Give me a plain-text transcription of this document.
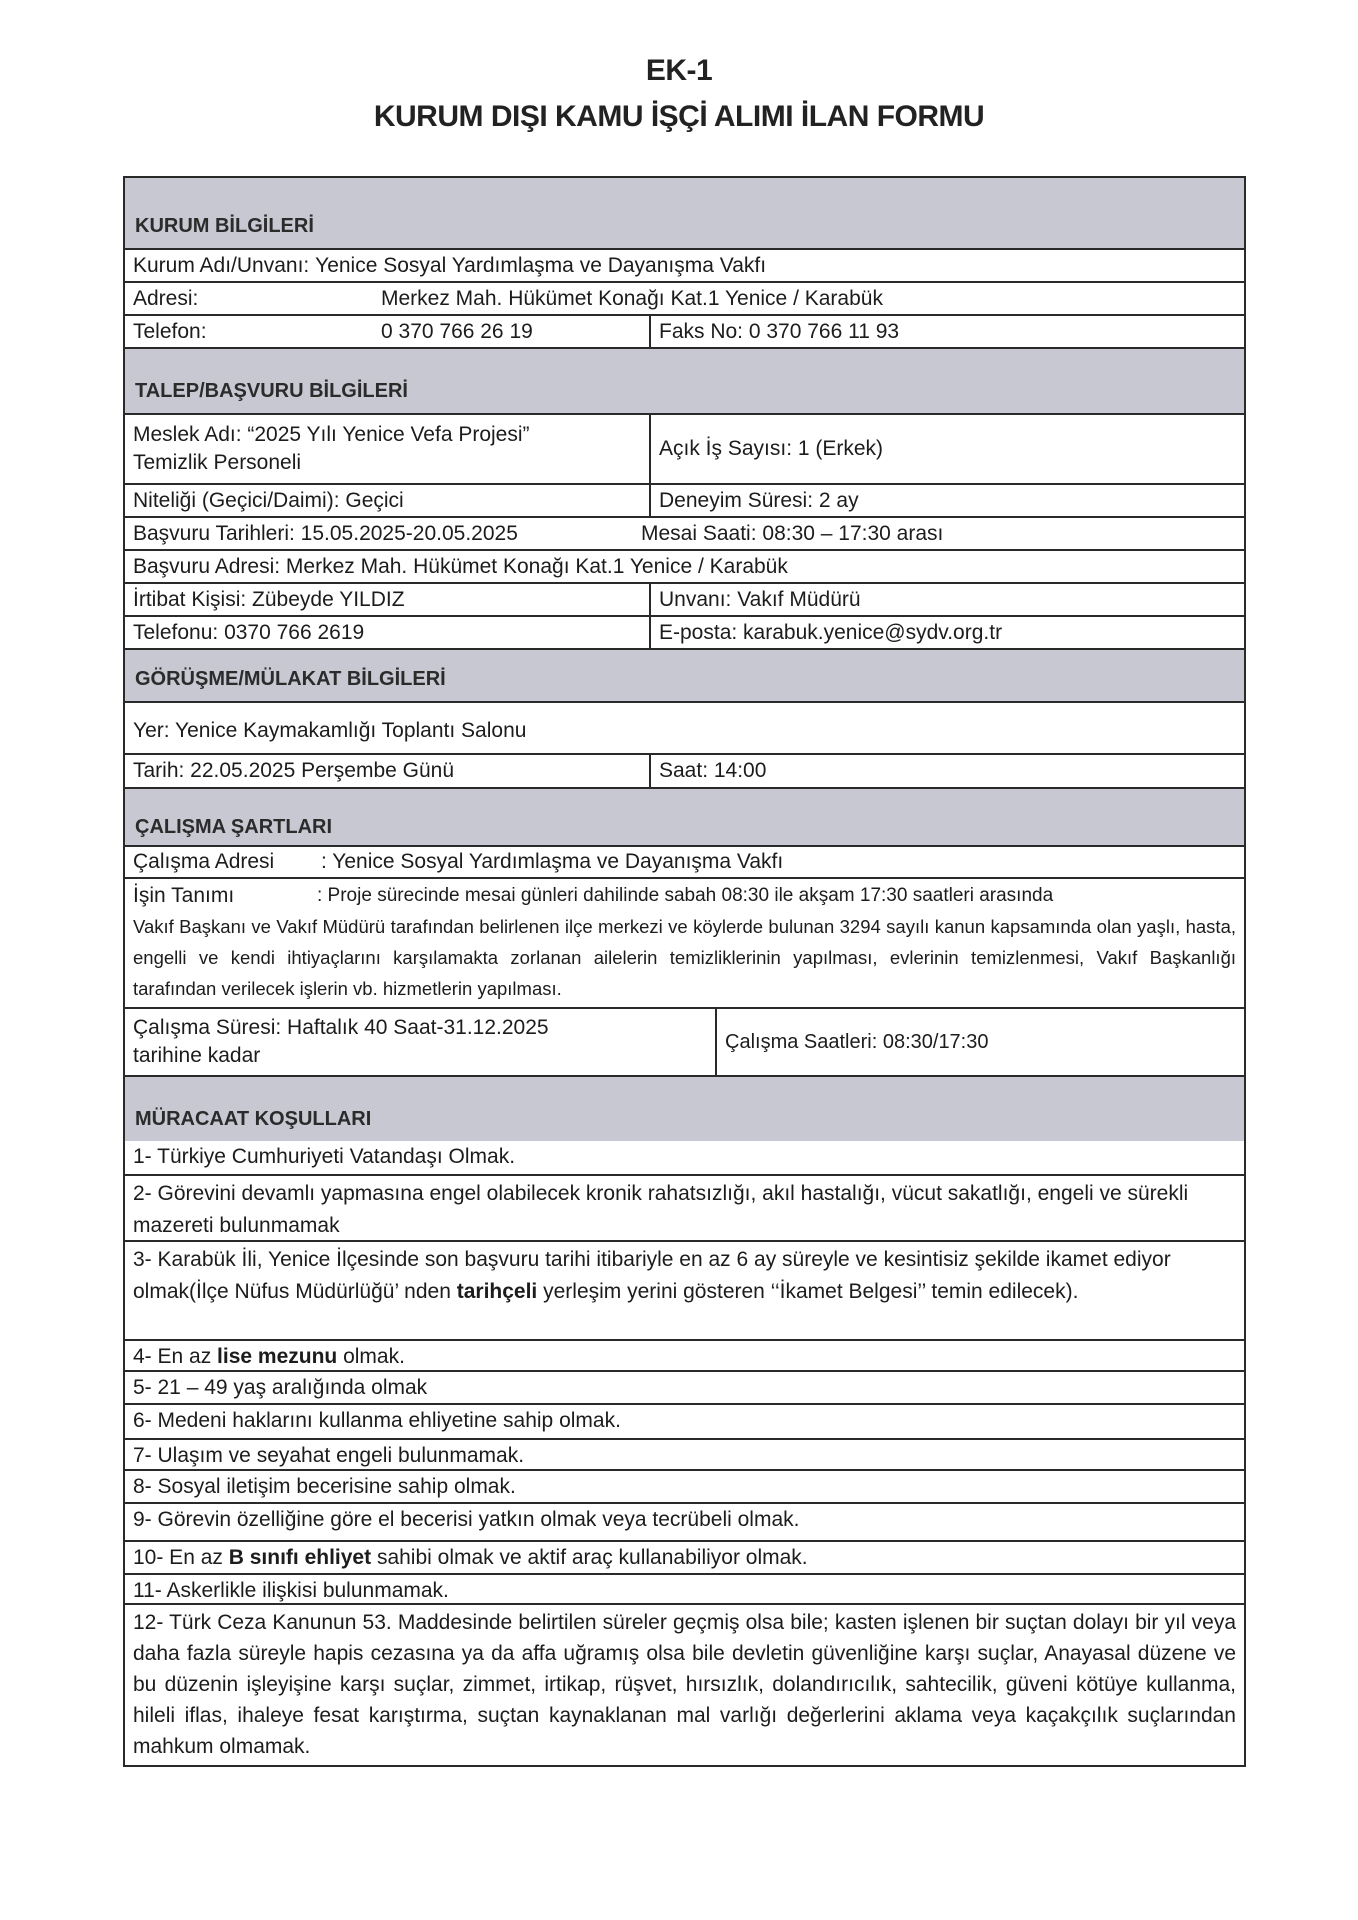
EK-1
KURUM DIŞI KAMU İŞÇİ ALIMI İLAN FORMU
KURUM BİLGİLERİ
Kurum Adı/Unvanı:
Yenice Sosyal Yardımlaşma ve Dayanışma Vakfı
Adresi:	Merkez Mah. Hükümet Konağı Kat.1 Yenice / Karabük
Telefon:	0 370 766 26 19	Faks No: 0 370 766 11 93
TALEP/BAŞVURU BİLGİLERİ
Meslek Adı: “2025 Yılı Yenice Vefa Projesi”
Temizlik Personeli
Açık İş Sayısı: 1 (Erkek)
Niteliği (Geçici/Daimi): Geçici	Deneyim Süresi: 2 ay
Başvuru Tarihleri: 15.05.2025-20.05.2025	Mesai Saati: 08:30 – 17:30 arası
Başvuru Adresi: Merkez Mah. Hükümet Konağı Kat.1 Yenice / Karabük
İrtibat Kişisi: Zübeyde YILDIZ	Unvanı: Vakıf Müdürü
Telefonu: 0370 766 2619	E-posta: karabuk.yenice@sydv.org.tr
GÖRÜŞME/MÜLAKAT BİLGİLERİ
Yer: Yenice Kaymakamlığı Toplantı Salonu
Tarih: 22.05.2025 Perşembe Günü	Saat: 14:00
ÇALIŞMA ŞARTLARI
Çalışma Adresi	: Yenice Sosyal Yardımlaşma ve Dayanışma Vakfı
İşin Tanımı	: Proje sürecinde mesai günleri dahilinde sabah 08:30 ile akşam 17:30 saatleri arasında
Vakıf Başkanı ve Vakıf Müdürü tarafından belirlenen ilçe merkezi ve köylerde bulunan 3294 sayılı kanun kapsamında olan yaşlı, hasta, engelli ve kendi ihtiyaçlarını karşılamakta zorlanan ailelerin temizliklerinin yapılması, evlerinin temizlenmesi, Vakıf Başkanlığı tarafından verilecek işlerin vb. hizmetlerin yapılması.
Çalışma Süresi: Haftalık 40 Saat-31.12.2025
tarihine kadar
Çalışma Saatleri: 08:30/17:30
MÜRACAAT KOŞULLARI
1- Türkiye Cumhuriyeti Vatandaşı Olmak.
2- Görevini devamlı yapmasına engel olabilecek kronik rahatsızlığı, akıl hastalığı, vücut sakatlığı, engeli ve sürekli mazereti bulunmamak
3- Karabük İli, Yenice İlçesinde son başvuru tarihi itibariyle en az 6 ay süreyle ve kesintisiz şekilde ikamet ediyor olmak(İlçe Nüfus Müdürlüğü’ nden tarihçeli yerleşim yerini gösteren ‘‘İkamet Belgesi’’ temin edilecek).
4- En az lise mezunu olmak.
5- 21 – 49 yaş aralığında olmak
6- Medeni haklarını kullanma ehliyetine sahip olmak.
7- Ulaşım ve seyahat engeli bulunmamak.
8- Sosyal iletişim becerisine sahip olmak.
9- Görevin özelliğine göre el becerisi yatkın olmak veya tecrübeli olmak.
10- En az B sınıfı ehliyet sahibi olmak ve aktif araç kullanabiliyor olmak.
11- Askerlikle ilişkisi bulunmamak.
12- Türk Ceza Kanunun 53. Maddesinde belirtilen süreler geçmiş olsa bile; kasten işlenen bir suçtan dolayı bir yıl veya daha fazla süreyle hapis cezasına ya da affa uğramış olsa bile devletin güvenliğine karşı suçlar, Anayasal düzene ve bu düzenin işleyişine karşı suçlar, zimmet, irtikap, rüşvet, hırsızlık, dolandırıcılık, sahtecilik, güveni kötüye kullanma, hileli iflas, ihaleye fesat karıştırma, suçtan kaynaklanan mal varlığı değerlerini aklama veya kaçakçılık suçlarından mahkum olmamak.
